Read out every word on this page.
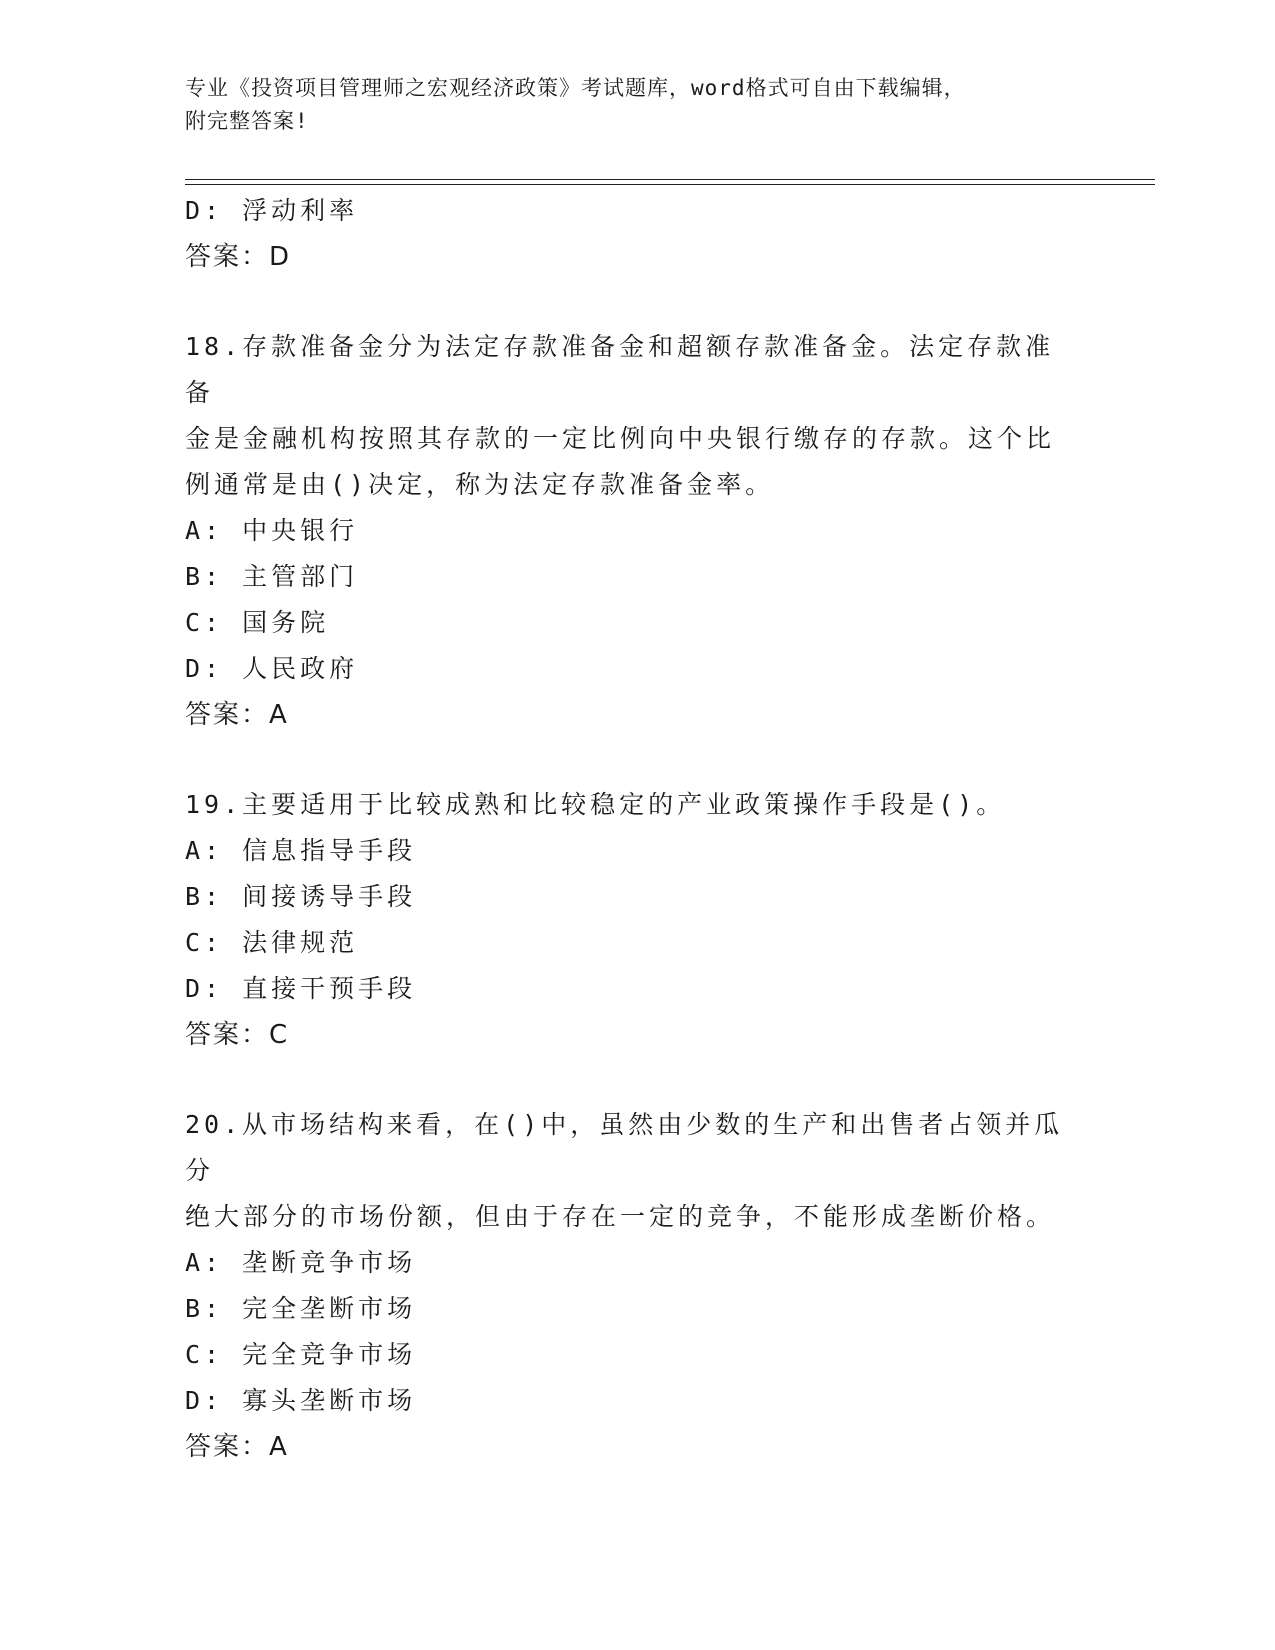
专业《投资项目管理师之宏观经济政策》考试题库，word格式可自由下载编辑，
附完整答案!
D: 浮动利率
答案：D
18.存款准备金分为法定存款准备金和超额存款准备金。法定存款准备
金是金融机构按照其存款的一定比例向中央银行缴存的存款。这个比
例通常是由()决定，称为法定存款准备金率。
A: 中央银行
B: 主管部门
C: 国务院
D: 人民政府
答案：A
19.主要适用于比较成熟和比较稳定的产业政策操作手段是()。
A: 信息指导手段
B: 间接诱导手段
C: 法律规范
D: 直接干预手段
答案：C
20.从市场结构来看，在()中，虽然由少数的生产和出售者占领并瓜分
绝大部分的市场份额，但由于存在一定的竞争，不能形成垄断价格。
A: 垄断竞争市场
B: 完全垄断市场
C: 完全竞争市场
D: 寡头垄断市场
答案：A
